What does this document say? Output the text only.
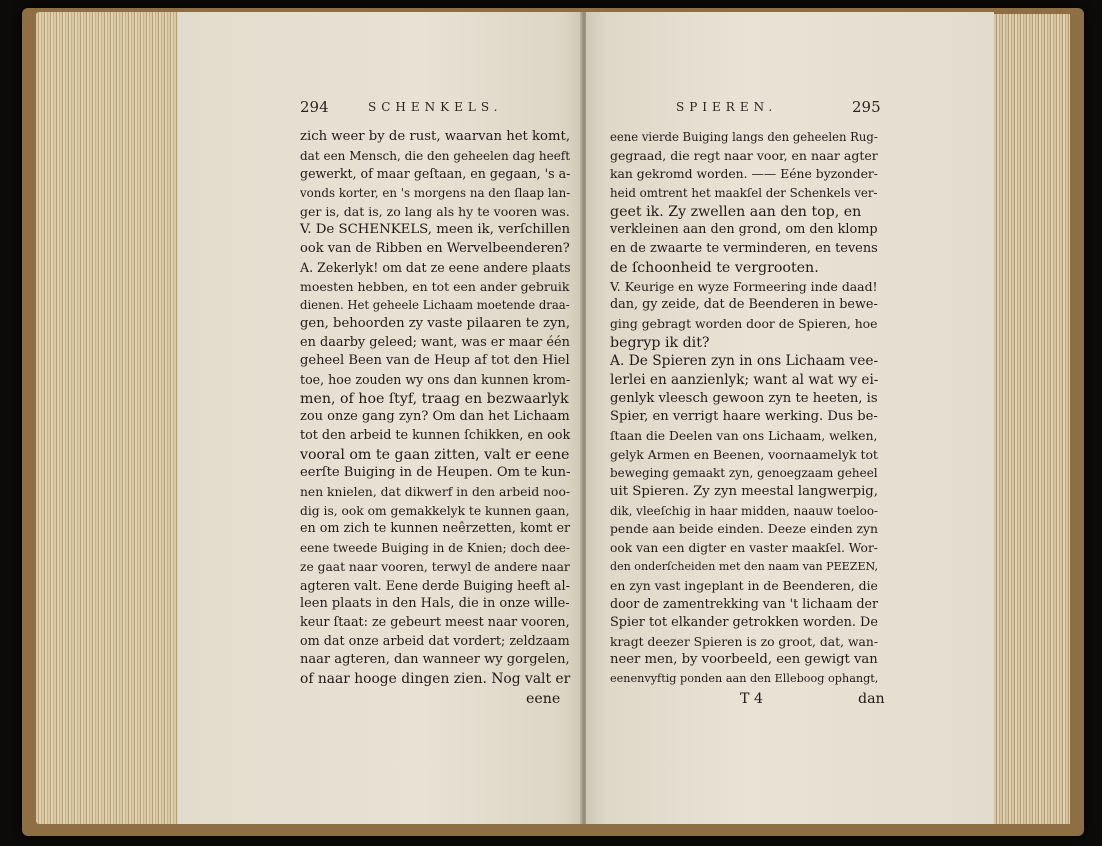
294	SCHENKELS.
zich weer by de rust, waarvan het komt,
dat een Mensch, die den geheelen dag heeft
gewerkt, of maar geſtaan, en gegaan, 's a-
vonds korter, en 's morgens na den ſlaap lan-
ger is, dat is, zo lang als hy te vooren was.
V. De SCHENKELS, meen ik, verſchillen
ook van de Ribben en Wervelbeenderen?
A. Zekerlyk! om dat ze eene andere plaats
moesten hebben, en tot een ander gebruik
dienen. Het geheele Lichaam moetende draa-
gen, behoorden zy vaste pilaaren te zyn,
en daarby geleed; want, was er maar één
geheel Been van de Heup af tot den Hiel
toe, hoe zouden wy ons dan kunnen krom-
men, of hoe ſtyf, traag en bezwaarlyk
zou onze gang zyn? Om dan het Lichaam
tot den arbeid te kunnen ſchikken, en ook
vooral om te gaan zitten, valt er eene
eerſte Buiging in de Heupen. Om te kun-
nen knielen, dat dikwerf in den arbeid noo-
dig is, ook om gemakkelyk te kunnen gaan,
en om zich te kunnen neêrzetten, komt er
eene tweede Buiging in de Knien; doch dee-
ze gaat naar vooren, terwyl de andere naar
agteren valt. Eene derde Buiging heeft al-
leen plaats in den Hals, die in onze wille-
keur ſtaat: ze gebeurt meest naar vooren,
om dat onze arbeid dat vordert; zeldzaam
naar agteren, dan wanneer wy gorgelen,
of naar hooge dingen zien. Nog valt er
eene
SPIEREN.	295
eene vierde Buiging langs den geheelen Rug-
gegraad, die regt naar voor, en naar agter
kan gekromd worden. —— Eéne byzonder-
heid omtrent het maakſel der Schenkels ver-
geet ik. Zy zwellen aan den top, en
verkleinen aan den grond, om den klomp
en de zwaarte te verminderen, en tevens
de ſchoonheid te vergrooten.
V. Keurige en wyze Formeering inde daad!
dan, gy zeide, dat de Beenderen in bewe-
ging gebragt worden door de Spieren, hoe
begryp ik dit?
A. De Spieren zyn in ons Lichaam vee-
lerlei en aanzienlyk; want al wat wy ei-
genlyk vleesch gewoon zyn te heeten, is
Spier, en verrigt haare werking. Dus be-
ſtaan die Deelen van ons Lichaam, welken,
gelyk Armen en Beenen, voornaamelyk tot
beweging gemaakt zyn, genoegzaam geheel
uit Spieren. Zy zyn meestal langwerpig,
dik, vleeſchig in haar midden, naauw toeloo-
pende aan beide einden. Deeze einden zyn
ook van een digter en vaster maakſel. Wor-
den onderſcheiden met den naam van PEEZEN,
en zyn vast ingeplant in de Beenderen, die
door de zamentrekking van 't lichaam der
Spier tot elkander getrokken worden. De
kragt deezer Spieren is zo groot, dat, wan-
neer men, by voorbeeld, een gewigt van
eenenvyftig ponden aan den Elleboog ophangt,
T 4	dan
